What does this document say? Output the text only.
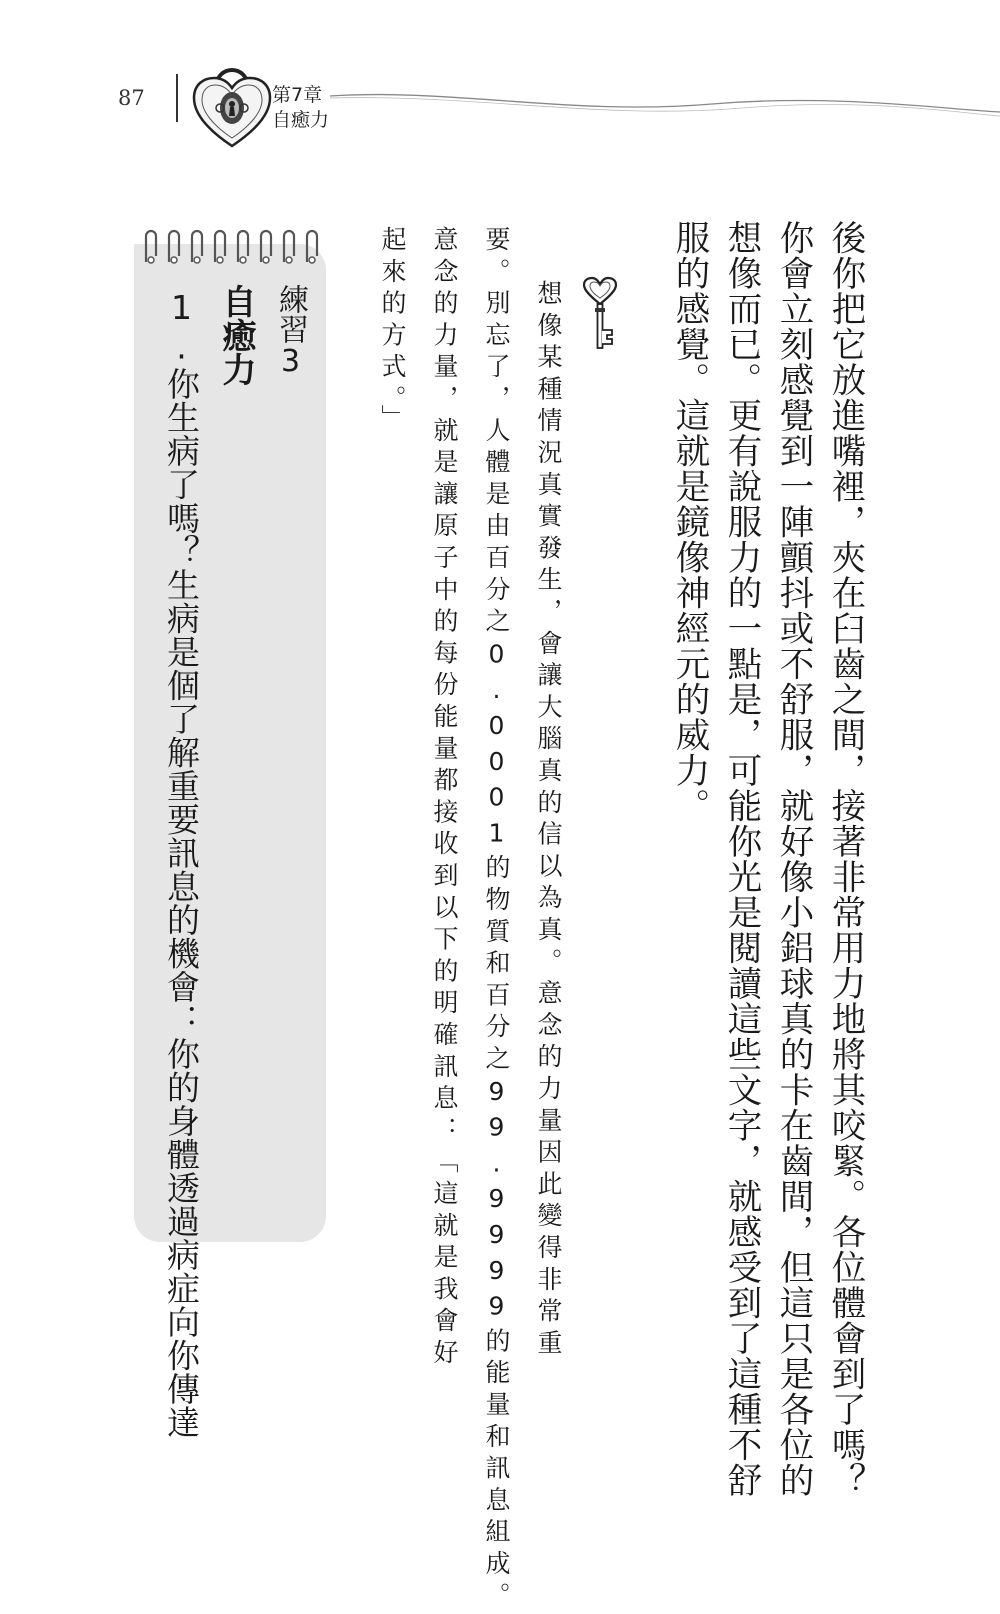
87	第7章
自癒力
後你把它放進嘴裡，夾在臼齒之間，接著非常用力地將其咬緊。各位體會到了嗎？
你會立刻感覺到一陣顫抖或不舒服，就好像小鋁球真的卡在齒間，但這只是各位的
想像而已。更有說服力的一點是，可能你光是閱讀這些文字，就感受到了這種不舒
服的感覺。這就是鏡像神經元的威力。
想像某種情況真實發生，會讓大腦真的信以為真。意念的力量因此變得非常重
要。別忘了，人體是由百分之0.0001的物質和百分之99.9999的能量和訊息組成。
意念的力量，就是讓原子中的每份能量都接收到以下的明確訊息：「這就是我會好
起來的方式。」
練習3
自癒力
1.你生病了嗎？生病是個了解重要訊息的機會：你的身體透過病症向你傳達
